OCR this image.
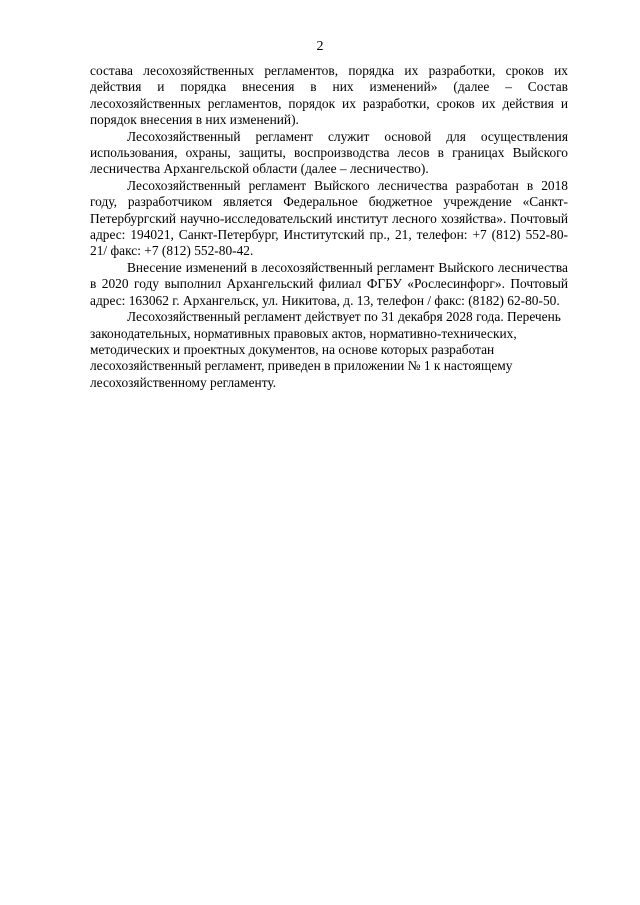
2

состава лесохозяйственных регламентов, порядка их разработки, сроков их действия и порядка внесения в них изменений» (далее – Состав лесохозяйственных регламентов, порядок их разработки, сроков их действия и порядок внесения в них изменений).

Лесохозяйственный регламент служит основой для осуществления использования, охраны, защиты, воспроизводства лесов в границах Выйского лесничества Архангельской области (далее – лесничество).

Лесохозяйственный регламент Выйского лесничества разработан в 2018 году, разработчиком является Федеральное бюджетное учреждение «Санкт-Петербургский научно-исследовательский институт лесного хозяйства». Почтовый адрес: 194021, Санкт-Петербург, Институтский пр., 21, телефон: +7 (812) 552-80-21/ факс: +7 (812) 552-80-42.

Внесение изменений в лесохозяйственный регламент Выйского лесничества в 2020 году выполнил Архангельский филиал ФГБУ «Рослесинфорг». Почтовый адрес: 163062 г. Архангельск, ул. Никитова, д. 13, телефон / факс: (8182) 62-80-50.

Лесохозяйственный регламент действует по 31 декабря 2028 года. Перечень законодательных, нормативных правовых актов, нормативно-технических, методических и проектных документов, на основе которых разработан лесохозяйственный регламент, приведен в приложении № 1 к настоящему лесохозяйственному регламенту.
